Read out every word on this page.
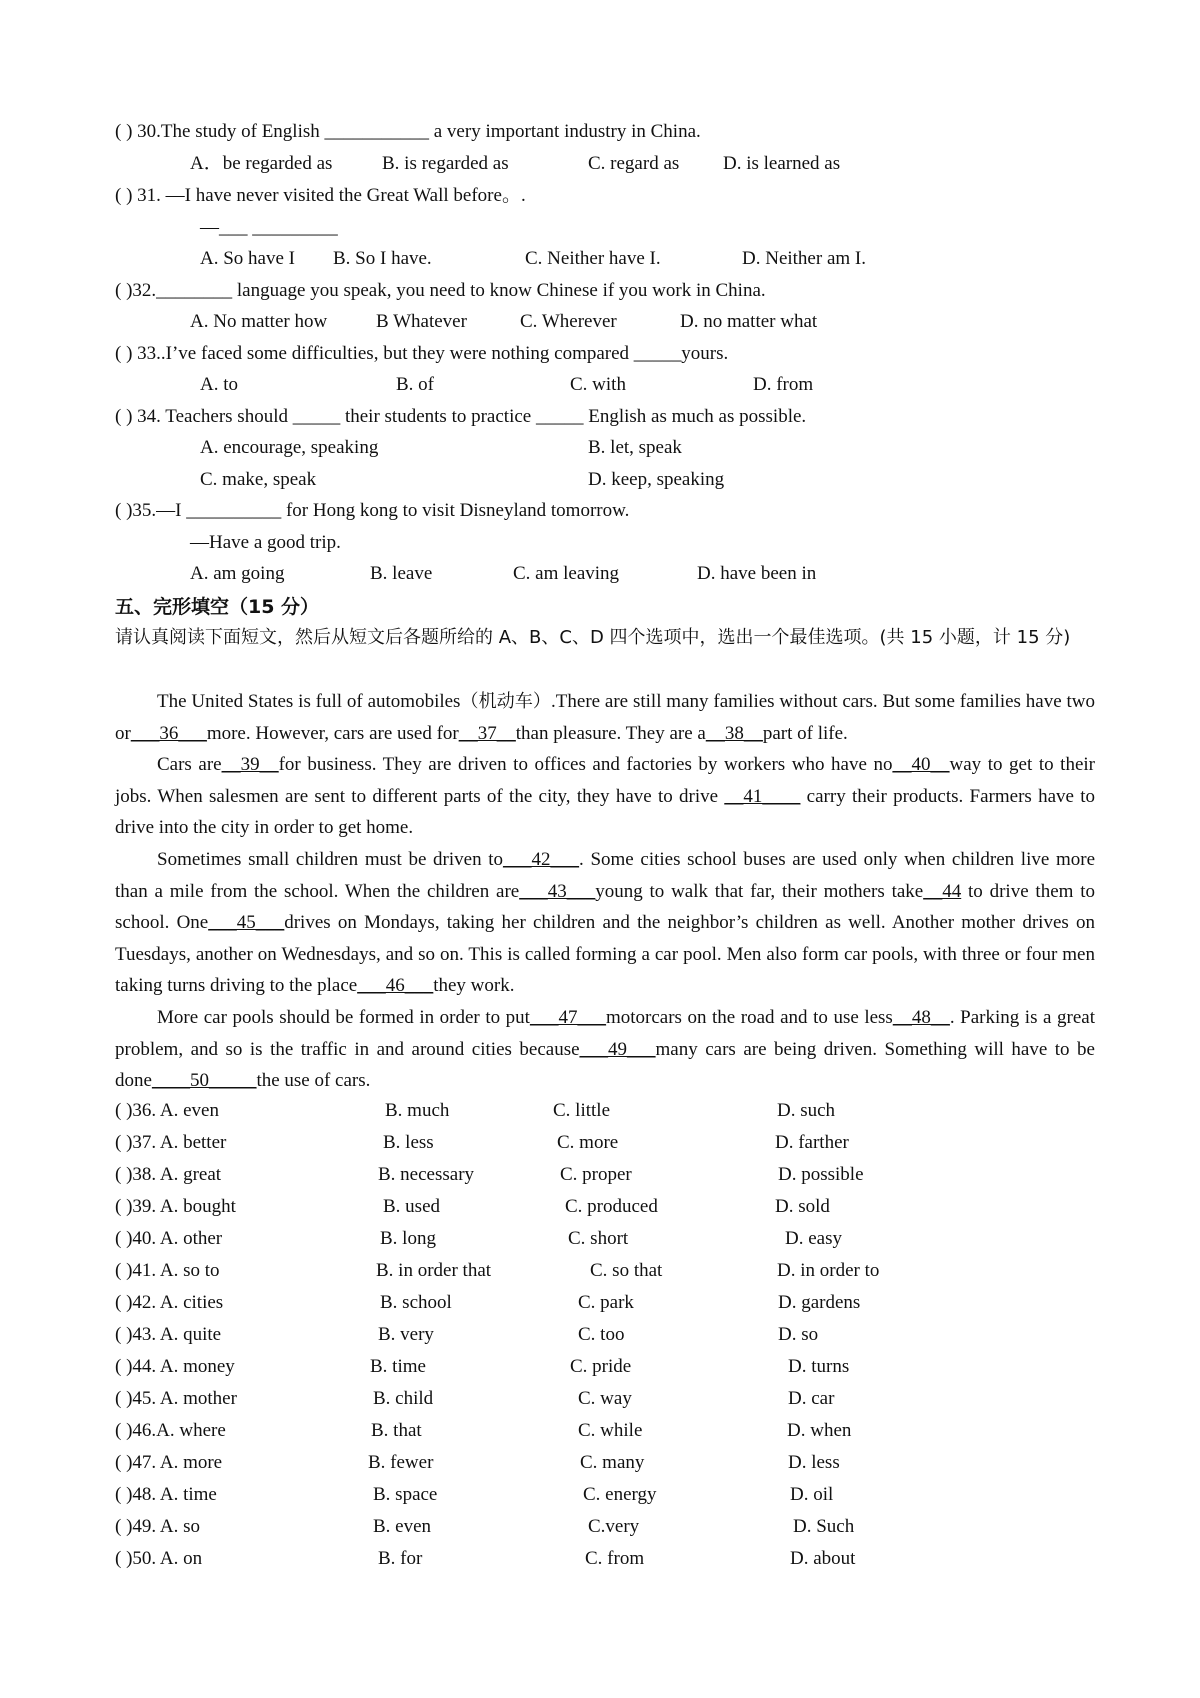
( ) 30.The study of English ___________ a very important industry in China.
A．be regarded as	B. is regarded as	C. regard as D. is learned as
( ) 31. —I have never visited the Great Wall before。.
—___ _________
A. So have I B. So I have.	C. Neither have I.	D. Neither am I.
( )32.________ language you speak, you need to know Chinese if you work in China.
A. No matter how	B Whatever	C. Wherever	D. no matter what
( ) 33..I’ve faced some difficulties, but they were nothing compared _____yours.
A. to	B. of	C. with	D. from
( ) 34. Teachers should _____ their students to practice _____ English as much as possible.
A. encourage, speaking	B. let, speak
C. make, speak	D. keep, speaking
( )35.—I __________ for Hong kong to visit Disneyland tomorrow.
—Have a good trip.
A. am going	B. leave	C. am leaving	D. have been in
五、完形填空（15 分）

请认真阅读下面短文，然后从短文后各题所给的 A、B、C、D 四个选项中，选出一个最佳选项。(共 15 小题，计 15 分)

The United States is full of automobiles（机动车）.There are still many families without cars. But some families have two or___36___more. However, cars are used for__37__than pleasure. They are a__38__part of life.

Cars are__39__for business. They are driven to offices and factories by workers who have no__40__way to get to their jobs. When salesmen are sent to different parts of the city, they have to drive __41____ carry their products. Farmers have to drive into the city in order to get home.

Sometimes small children must be driven to___42___. Some cities school buses are used only when children live more than a mile from the school. When the children are___43___young to walk that far, their mothers take__44 to drive them to school. One___45___drives on Mondays, taking her children and the neighbor’s children as well. Another mother drives on Tuesdays, another on Wednesdays, and so on. This is called forming a car pool. Men also form car pools, with three or four men taking turns driving to the place___46___they work.

More car pools should be formed in order to put___47___motorcars on the road and to use less__48__. Parking is a great problem, and so is the traffic in and around cities because___49___many cars are being driven. Something will have to be done____50_____the use of cars.

( )36. A. even	B. much	C. little	D. such
( )37. A. better	B. less	C. more	D. farther
( )38. A. great	B. necessary	C. proper	D. possible
( )39. A. bought	B. used	C. produced	D. sold
( )40. A. other	B. long	C. short	D. easy
( )41. A. so to	B. in order that	C. so that	D. in order to
( )42. A. cities	B. school	C. park	D. gardens
( )43. A. quite	B. very	C. too	D. so
( )44. A. money	B. time	C. pride	D. turns
( )45. A. mother	B. child	C. way	D. car
( )46.A. where	B. that	C. while	D. when
( )47. A. more	B. fewer	C. many	D. less
( )48. A. time	B. space	C. energy	D. oil
( )49. A. so	B. even	C.very	D. Such
( )50. A. on	B. for	C. from	D. about
